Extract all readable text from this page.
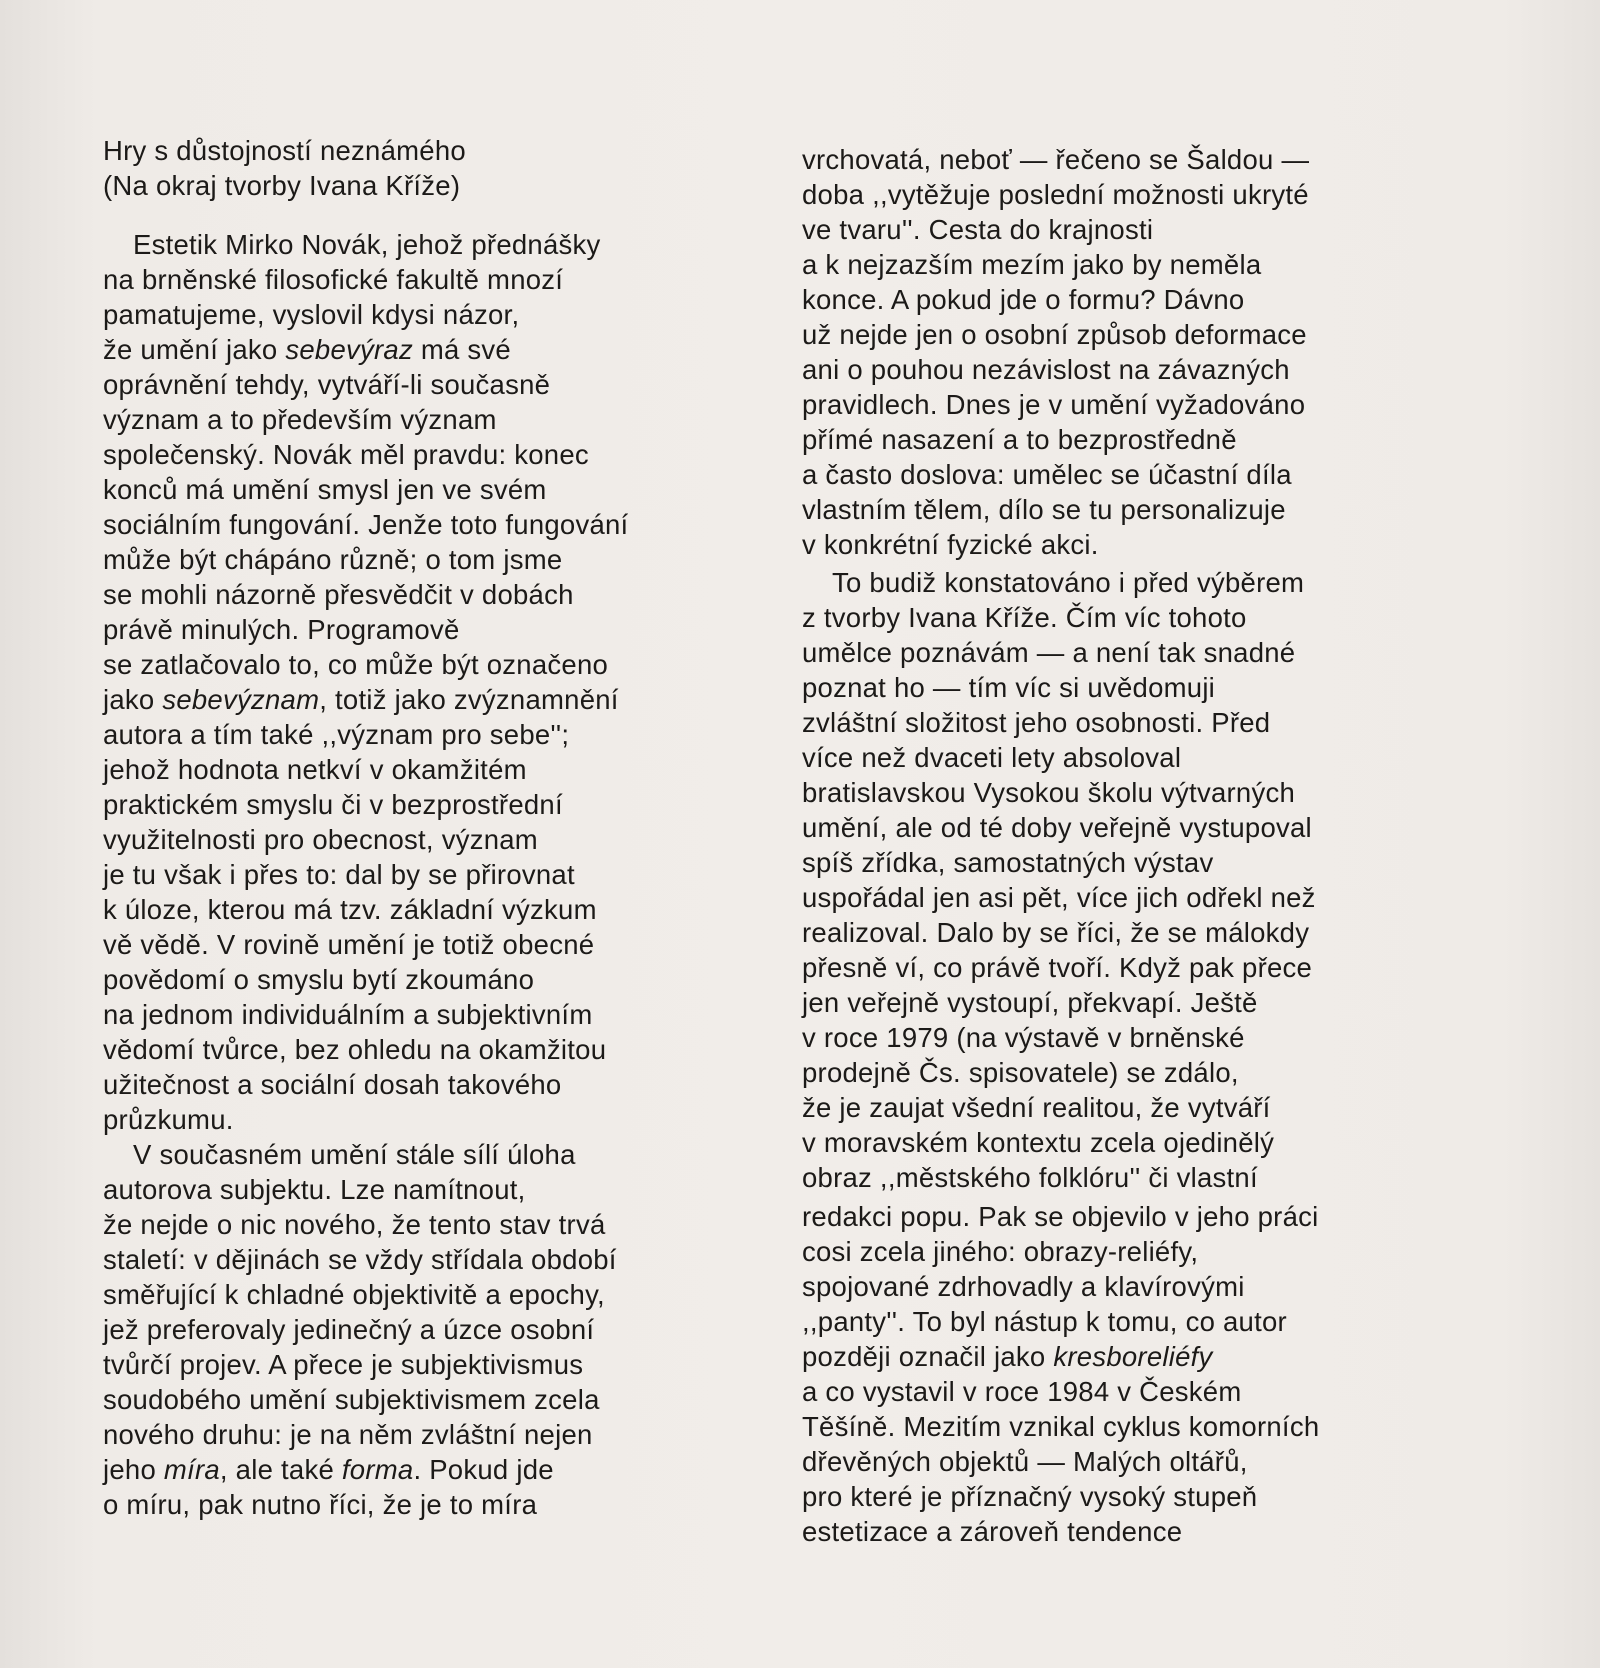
Hry s důstojností neznámého
(Na okraj tvorby Ivana Kříže)
Estetik Mirko Novák, jehož přednášky
na brněnské filosofické fakultě mnozí
pamatujeme, vyslovil kdysi názor,
že umění jako sebevýraz má své
oprávnění tehdy, vytváří-li současně
význam a to především význam
společenský. Novák měl pravdu: konec
konců má umění smysl jen ve svém
sociálním fungování. Jenže toto fungování
může být chápáno různě; o tom jsme
se mohli názorně přesvědčit v dobách
právě minulých. Programově
se zatlačovalo to, co může být označeno
jako sebevýznam, totiž jako zvýznamnění
autora a tím také ,,význam pro sebe'';
jehož hodnota netkví v okamžitém
praktickém smyslu či v bezprostřední
využitelnosti pro obecnost, význam
je tu však i přes to: dal by se přirovnat
k úloze, kterou má tzv. základní výzkum
vě vědě. V rovině umění je totiž obecné
povědomí o smyslu bytí zkoumáno
na jednom individuálním a subjektivním
vědomí tvůrce, bez ohledu na okamžitou
užitečnost a sociální dosah takového
průzkumu.
V současném umění stále sílí úloha
autorova subjektu. Lze namítnout,
že nejde o nic nového, že tento stav trvá
staletí: v dějinách se vždy střídala období
směřující k chladné objektivitě a epochy,
jež preferovaly jedinečný a úzce osobní
tvůrčí projev. A přece je subjektivismus
soudobého umění subjektivismem zcela
nového druhu: je na něm zvláštní nejen
jeho míra, ale také forma. Pokud jde
o míru, pak nutno říci, že je to míra
vrchovatá, neboť — řečeno se Šaldou —
doba ,,vytěžuje poslední možnosti ukryté
ve tvaru''. Cesta do krajnosti
a k nejzazším mezím jako by neměla
konce. A pokud jde o formu? Dávno
už nejde jen o osobní způsob deformace
ani o pouhou nezávislost na závazných
pravidlech. Dnes je v umění vyžadováno
přímé nasazení a to bezprostředně
a často doslova: umělec se účastní díla
vlastním tělem, dílo se tu personalizuje
v konkrétní fyzické akci.
To budiž konstatováno i před výběrem
z tvorby Ivana Kříže. Čím víc tohoto
umělce poznávám — a není tak snadné
poznat ho — tím víc si uvědomuji
zvláštní složitost jeho osobnosti. Před
více než dvaceti lety absoloval
bratislavskou Vysokou školu výtvarných
umění, ale od té doby veřejně vystupoval
spíš zřídka, samostatných výstav
uspořádal jen asi pět, více jich odřekl než
realizoval. Dalo by se říci, že se málokdy
přesně ví, co právě tvoří. Když pak přece
jen veřejně vystoupí, překvapí. Ještě
v roce 1979 (na výstavě v brněnské
prodejně Čs. spisovatele) se zdálo,
že je zaujat všední realitou, že vytváří
v moravském kontextu zcela ojedinělý
obraz ,,městského folklóru'' či vlastní
redakci popu. Pak se objevilo v jeho práci
cosi zcela jiného: obrazy-reliéfy,
spojované zdrhovadly a klavírovými
,,panty''. To byl nástup k tomu, co autor
později označil jako kresboreliéfy
a co vystavil v roce 1984 v Českém
Těšíně. Mezitím vznikal cyklus komorních
dřevěných objektů — Malých oltářů,
pro které je příznačný vysoký stupeň
estetizace a zároveň tendence
